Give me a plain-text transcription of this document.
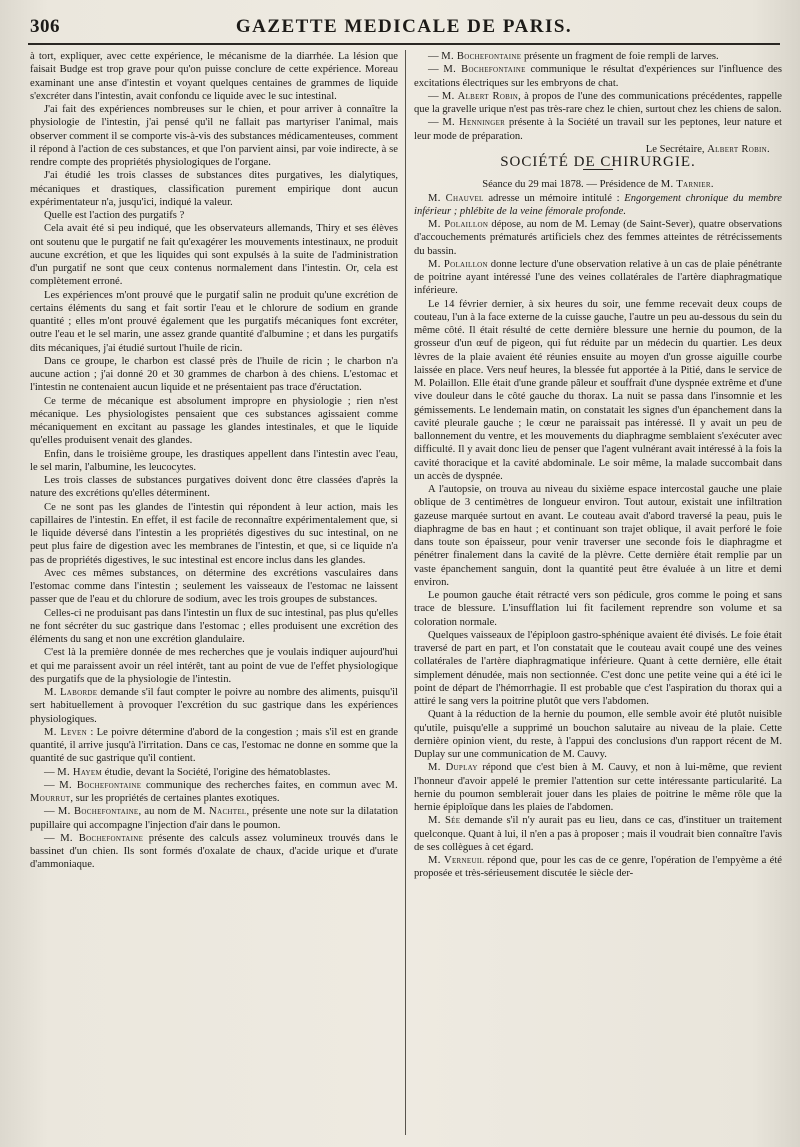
306	GAZETTE MEDICALE DE PARIS.

à tort, expliquer, avec cette expérience, le mécanisme de la diarrhée. La lésion que faisait Budge est trop grave pour qu'on puisse conclure de cette expérience. Moreau examinant une anse d'intestin et voyant quelques centaines de grammes de liquide s'excréter dans l'intestin, avait confondu ce liquide avec le suc intestinal.

J'ai fait des expériences nombreuses sur le chien, et pour arriver à connaître la physiologie de l'intestin, j'ai pensé qu'il ne fallait pas martyriser l'animal, mais observer comment il se comporte vis-à-vis des substances médicamenteuses, comment il répond à l'action de ces substances, et que l'on parvient ainsi, par voie indirecte, à se rendre compte des propriétés physiologiques de l'organe.

J'ai étudié les trois classes de substances dites purgatives, les dialytiques, mécaniques et drastiques, classification purement empirique dont aucun expérimentateur n'a, jusqu'ici, indiqué la valeur.

Quelle est l'action des purgatifs ?

Cela avait été si peu indiqué, que les observateurs allemands, Thiry et ses élèves ont soutenu que le purgatif ne fait qu'exagérer les mouvements intestinaux, ne produit aucune excrétion, et que les liquides qui sont expulsés à la suite de l'administration d'un purgatif ne sont que ceux contenus normalement dans l'intestin. Or, cela est complètement erroné.

Les expériences m'ont prouvé que le purgatif salin ne produit qu'une excrétion de certains éléments du sang et fait sortir l'eau et le chlorure de sodium en grande quantité ; elles m'ont prouvé également que les purgatifs mécaniques font excréter, outre l'eau et le sel marin, une assez grande quantité d'albumine ; et dans les purgatifs dits mécaniques, j'ai étudié surtout l'huile de ricin.

Dans ce groupe, le charbon est classé près de l'huile de ricin ; le charbon n'a aucune action ; j'ai donné 20 et 30 grammes de charbon à des chiens. L'estomac et l'intestin ne contenaient aucun liquide et ne présentaient pas trace d'éructation.

Ce terme de mécanique est absolument impropre en physiologie ; rien n'est mécanique. Les physiologistes pensaient que ces substances agissaient comme mécaniquement en excitant au passage les glandes intestinales, et que le liquide qu'elles produisent venait des glandes.

Enfin, dans le troisième groupe, les drastiques appellent dans l'intestin avec l'eau, le sel marin, l'albumine, les leucocytes.

Les trois classes de substances purgatives doivent donc être classées d'après la nature des excrétions qu'elles déterminent.

Ce ne sont pas les glandes de l'intestin qui répondent à leur action, mais les capillaires de l'intestin. En effet, il est facile de reconnaître expérimentalement que, si le liquide déversé dans l'intestin a les propriétés digestives du suc intestinal, on ne peut plus faire de digestion avec les membranes de l'intestin, et que, si ce liquide n'a pas de propriétés digestives, le suc intestinal est encore inclus dans les glandes.

Avec ces mêmes substances, on détermine des excrétions vasculaires dans l'estomac comme dans l'intestin ; seulement les vaisseaux de l'estomac ne laissent passer que de l'eau et du chlorure de sodium, avec les trois groupes de substances.

Celles-ci ne produisant pas dans l'intestin un flux de suc intestinal, pas plus qu'elles ne font sécréter du suc gastrique dans l'estomac ; elles produisent une excrétion des éléments du sang et non une excrétion glandulaire.

C'est là la première donnée de mes recherches que je voulais indiquer aujourd'hui et qui me paraissent avoir un réel intérêt, tant au point de vue de l'effet physiologique des purgatifs que de la physiologie de l'intestin.

M. Laborde demande s'il faut compter le poivre au nombre des aliments, puisqu'il sert habituellement à provoquer l'excrétion du suc gastrique dans les expériences physiologiques.

M. Leven : Le poivre détermine d'abord de la congestion ; mais s'il est en grande quantité, il arrive jusqu'à l'irritation. Dans ce cas, l'estomac ne donne en somme que la quantité de suc gastrique qu'il contient.

— M. Hayem étudie, devant la Société, l'origine des hématoblastes.

— M. Bochefontaine communique des recherches faites, en commun avec M. Mourrut, sur les propriétés de certaines plantes exotiques.

— M. Bochefontaine, au nom de M. Nachtel, présente une note sur la dilatation pupillaire qui accompagne l'injection d'air dans le poumon.

— M. Bochefontaine présente des calculs assez volumineux trouvés dans le bassinet d'un chien. Ils sont formés d'oxalate de chaux, d'acide urique et d'urate d'ammoniaque.

— M. Bochefontaine présente un fragment de foie rempli de larves.

— M. Bochefontaine communique le résultat d'expériences sur l'influence des excitations électriques sur les embryons de chat.

— M. Albert Robin, à propos de l'une des communications précédentes, rappelle que la gravelle urique n'est pas très-rare chez le chien, surtout chez les chiens de salon.

— M. Henninger présente à la Société un travail sur les peptones, leur nature et leur mode de préparation.

Le Secrétaire, Albert Robin.

SOCIÉTÉ DE CHIRURGIE.

Séance du 29 mai 1878. — Présidence de M. Tarnier.

M. Chauvel adresse un mémoire intitulé : Engorgement chronique du membre inférieur ; phlébite de la veine fémorale profonde.

M. Polaillon dépose, au nom de M. Lemay (de Saint-Sever), quatre observations d'accouchements prématurés artificiels chez des femmes atteintes de rétrécissements du bassin.

M. Polaillon donne lecture d'une observation relative à un cas de plaie pénétrante de poitrine ayant intéressé l'une des veines collatérales de l'artère diaphragmatique inférieure.

Le 14 février dernier, à six heures du soir, une femme recevait deux coups de couteau, l'un à la face externe de la cuisse gauche, l'autre un peu au-dessous du sein du même côté. Il était résulté de cette dernière blessure une hernie du poumon, de la grosseur d'un œuf de pigeon, qui fut réduite par un médecin du quartier. Les deux lèvres de la plaie avaient été réunies ensuite au moyen d'un grosse aiguille courbe laissée en place. Vers neuf heures, la blessée fut apportée à la Pitié, dans le service de M. Polaillon. Elle était d'une grande pâleur et souffrait d'une dyspnée extrême et d'une vive douleur dans le côté gauche du thorax. La nuit se passa dans l'insomnie et les gémissements. Le lendemain matin, on constatait les signes d'un épanchement dans la cavité pleurale gauche ; le cœur ne paraissait pas intéressé. Il y avait un peu de ballonnement du ventre, et les mouvements du diaphragme semblaient s'exécuter avec difficulté. Il y avait donc lieu de penser que l'agent vulnérant avait intéressé à la fois la cavité thoracique et la cavité abdominale. Le soir même, la malade succombait dans un accès de dyspnée.

A l'autopsie, on trouva au niveau du sixième espace intercostal gauche une plaie oblique de 3 centimètres de longueur environ. Tout autour, existait une infiltration gazeuse marquée surtout en avant. Le couteau avait d'abord traversé la peau, puis le diaphragme de bas en haut ; et continuant son trajet oblique, il avait perforé le foie dans toute son épaisseur, pour venir traverser une seconde fois le diaphragme et pénétrer finalement dans la cavité de la plèvre. Cette dernière était remplie par un vaste épanchement sanguin, dont la quantité peut être évaluée à un litre et demi environ.

Le poumon gauche était rétracté vers son pédicule, gros comme le poing et sans trace de blessure. L'insufflation lui fit facilement reprendre son volume et sa coloration normale.

Quelques vaisseaux de l'épiploon gastro-sphénique avaient été divisés. Le foie était traversé de part en part, et l'on constatait que le couteau avait coupé une des veines collatérales de l'artère diaphragmatique inférieure. Quant à cette dernière, elle était simplement dénudée, mais non sectionnée. C'est donc une petite veine qui a été ici le point de départ de l'hémorrhagie. Il est probable que c'est l'aspiration du thorax qui a attiré le sang vers la poitrine plutôt que vers l'abdomen.

Quant à la réduction de la hernie du poumon, elle semble avoir été plutôt nuisible qu'utile, puisqu'elle a supprimé un bouchon salutaire au niveau de la plaie. Cette dernière opinion vient, du reste, à l'appui des conclusions d'un rapport récent de M. Duplay sur une communication de M. Cauvy.

M. Duplay répond que c'est bien à M. Cauvy, et non à lui-même, que revient l'honneur d'avoir appelé le premier l'attention sur cette intéressante particularité. La hernie du poumon semblerait jouer dans les plaies de poitrine le même rôle que la hernie épiploïque dans les plaies de l'abdomen.

M. Sée demande s'il n'y aurait pas eu lieu, dans ce cas, d'instituer un traitement quelconque. Quant à lui, il n'en a pas à proposer ; mais il voudrait bien connaître l'avis de ses collègues à cet égard.

M. Verneuil répond que, pour les cas de ce genre, l'opération de l'empyème a été proposée et très-sérieusement discutée le siècle der-
